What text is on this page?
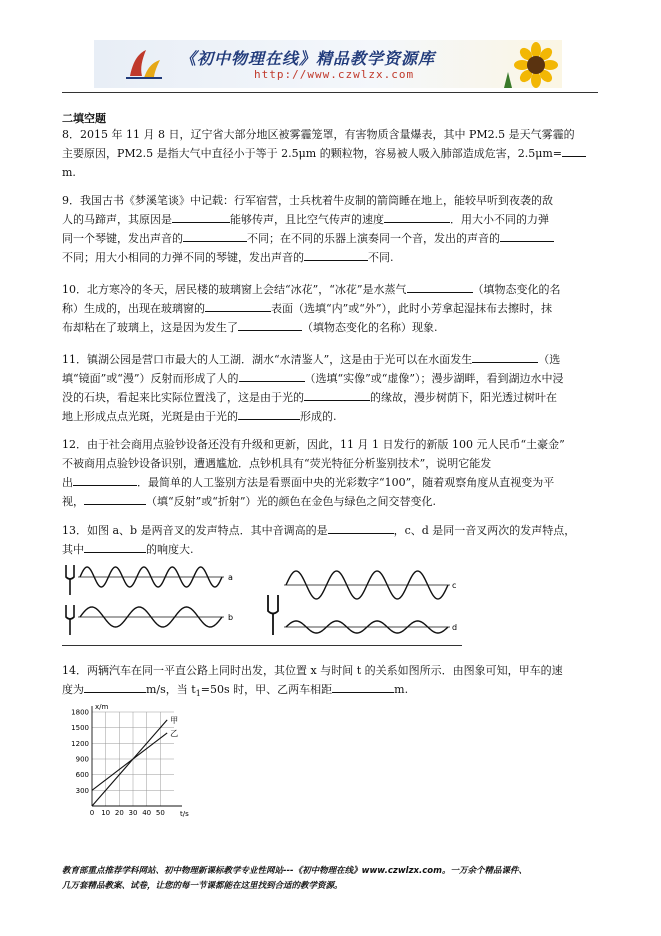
《初中物理在线》精品教学资源库
http://www.czwlzx.com
二填空题
8．2015 年 11 月 8 日，辽宁省大部分地区被雾霾笼罩，有害物质含量爆表，其中 PM2.5 是天气雾霾的
主要原因，PM2.5 是指大气中直径小于等于 2.5μm 的颗粒物，容易被人吸入肺部造成危害，2.5μm=
m.
9．我国古书《梦溪笔谈》中记载：行军宿营，士兵枕着牛皮制的箭筒睡在地上，能较早听到夜袭的敌
人的马蹄声，其原因是	能够传声，且比空气传声的速度	．用大小不同的力弹
同一个琴键，发出声音的	不同；在不同的乐器上演奏同一个音，发出的声音的
不同；用大小相同的力弹不同的琴键，发出声音的	不同.
10．北方寒冷的冬天，居民楼的玻璃窗上会结“冰花”，“冰花”是水蒸气	（填物态变化的名
称）生成的，出现在玻璃窗的	表面（选填“内”或“外”），此时小芳拿起湿抹布去擦时，抹
布却粘在了玻璃上，这是因为发生了	（填物态变化的名称）现象.
11．镇湖公园是营口市最大的人工湖．湖水“水清鉴人”，这是由于光可以在水面发生	（选
填“镜面”或“漫”）反射而形成了人的	（选填“实像”或“虚像”）；漫步湖畔，看到湖边水中浸
没的石块，看起来比实际位置浅了，这是由于光的	的缘故，漫步树荫下，阳光透过树叶在
地上形成点点光斑，光斑是由于光的	形成的.
12．由于社会商用点验钞设备还没有升级和更新，因此，11 月 1 日发行的新版 100 元人民币“土豪金”
不被商用点验钞设备识别，遭遇尴尬．点钞机具有“荧光特征分析鉴别技术”，说明它能发
出	．最简单的人工鉴别方法是看票面中央的光彩数字“100”，随着观察角度从直视变为平
视，	（填“反射”或“折射”）光的颜色在金色与绿色之间交替变化.
13．如图 a、b 是两音叉的发声特点．其中音调高的是	，c、d 是同一音叉两次的发声特点，
其中	的响度大.
a
b
c
d
14．两辆汽车在同一平直公路上同时出发，其位置 x 与时间 t 的关系如图所示．由图象可知，甲车的速
度为	m/s，当 $t_1=50s$ 时，甲、乙两车相距	m.
0 10 20 30 40 50
300
600
900
1200
1500
1800
t/s
x/m
甲
乙
教育部重点推荐学科网站、初中物理新课标教学专业性网站---《初中物理在线》www.czwlzx.com。一万余个精品课件、
几万套精品教案、试卷，让您的每一节课都能在这里找到合适的教学资源。
